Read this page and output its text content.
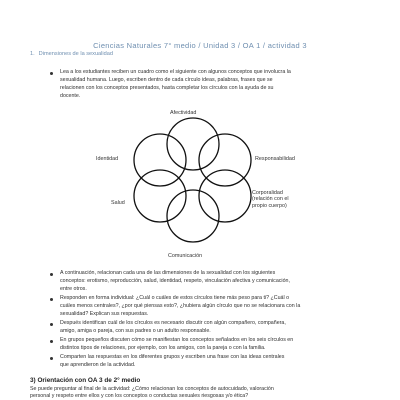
Ciencias Naturales 7° medio / Unidad 3 / OA 1 / actividad 3
1. Dimensiones de la sexualidad
Lea a los estudiantes reciben un cuadro como el siguiente con algunos conceptos que involucra la
sexualidad humana. Luego, escriben dentro de cada círculo ideas, palabras, frases que se
relacionen con los conceptos presentados, hasta completar los círculos con la ayuda de su
docente.
Afectividad
Identidad	Responsabilidad
Salud
Corporalidad
(relación con el
propio cuerpo)
Comunicación
A continuación, relacionan cada una de las dimensiones de la sexualidad con los siguientes
conceptos: erotismo, reproducción, salud, identidad, respeto, vinculación afectiva y comunicación,
entre otros.
Responden en forma individual: ¿Cuál o cuáles de estos círculos tiene más peso para ti? ¿Cuál o
cuáles menos centrales?, ¿por qué piensas esto?, ¿hubiera algún círculo que no se relacionara con la
sexualidad? Explican sus respuestas.
Después identifican cuál de los círculos es necesario discutir con algún compañero, compañera,
amigo, amiga o pareja, con sus padres o un adulto responsable.
En grupos pequeños discuten cómo se manifiestan los conceptos señalados en los seis círculos en
distintos tipos de relaciones, por ejemplo, con los amigos, con la pareja o con la familia.
Comparten las respuestas en los diferentes grupos y escriben una frase con las ideas centrales
que aprendieron de la actividad.
3) Orientación con OA 3 de 2° medio
Se puede preguntar al final de la actividad: ¿Cómo relacionan los conceptos de autocuidado, valoración
personal y respeto entre ellos y con los conceptos o conductas sexuales riesgosas y/o ética?
